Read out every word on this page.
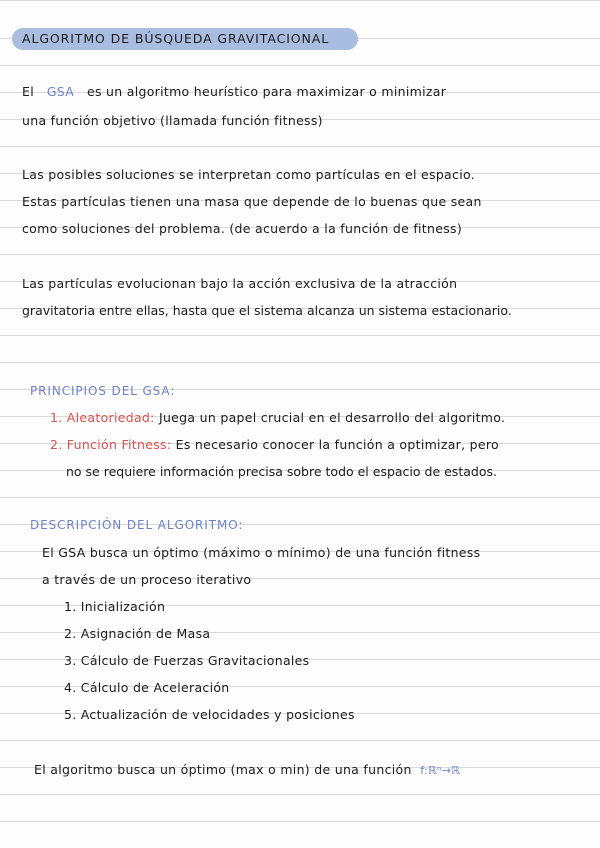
ALGORITMO DE BÚSQUEDA GRAVITACIONAL
El GSA es un algoritmo heurístico para maximizar o minimizar
una función objetivo (llamada función fitness)
Las posibles soluciones se interpretan como partículas en el espacio.
Estas partículas tienen una masa que depende de lo buenas que sean
como soluciones del problema. (de acuerdo a la función de fitness)
Las partículas evolucionan bajo la acción exclusiva de la atracción
gravitatoria entre ellas, hasta que el sistema alcanza un sistema estacionario.
PRINCIPIOS DEL GSA:
1. Aleatoriedad: Juega un papel crucial en el desarrollo del algoritmo.
2. Función Fitness: Es necesario conocer la función a optimizar, pero
no se requiere información precisa sobre todo el espacio de estados.
DESCRIPCIÓN DEL ALGORITMO:
El GSA busca un óptimo (máximo o mínimo) de una función fitness
a través de un proceso iterativo
1. Inicialización
2. Asignación de Masa
3. Cálculo de Fuerzas Gravitacionales
4. Cálculo de Aceleración
5. Actualización de velocidades y posiciones
El algoritmo busca un óptimo (max o min) de una función f:ℝⁿ→ℝ
